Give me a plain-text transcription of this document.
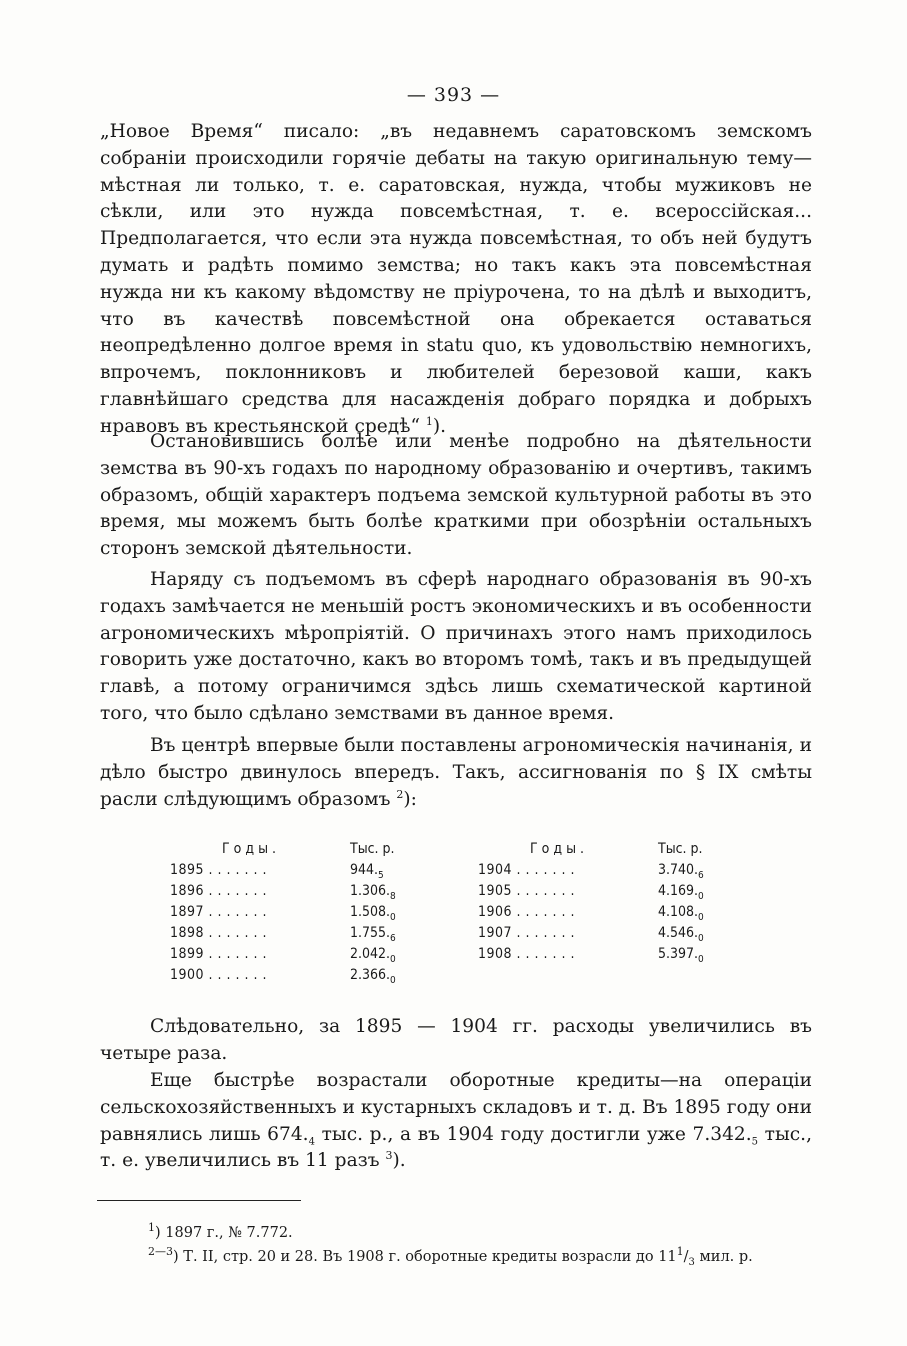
— 393 —

„Новое Время“ писало: „въ недавнемъ саратовскомъ земскомъ собраніи происходили горячіе дебаты на такую оригинальную тему—мѣстная ли только, т. е. саратовская, нужда, чтобы мужиковъ не сѣкли, или это нужда повсемѣстная, т. е. всероссійская... Предполагается, что если эта нужда повсемѣстная, то объ ней будутъ думать и радѣть помимо земства; но такъ какъ эта повсемѣстная нужда ни къ какому вѣдомству не пріурочена, то на дѣлѣ и выходитъ, что въ качествѣ повсемѣстной она обрекается оставаться неопредѣленно долгое время in statu quo, къ удовольствію немногихъ, впрочемъ, поклонниковъ и любителей березовой каши, какъ главнѣйшаго средства для насажденія добраго порядка и добрыхъ нравовъ въ крестьянской средѣ“ $^1$).

Остановившись болѣе или менѣе подробно на дѣятельности земства въ 90-хъ годахъ по народному образованію и очертивъ, такимъ образомъ, общій характеръ подъема земской культурной работы въ это время, мы можемъ быть болѣе краткими при обозрѣніи остальныхъ сторонъ земской дѣятельности.

Наряду съ подъемомъ въ сферѣ народнаго образованія въ 90-хъ годахъ замѣчается не меньшій ростъ экономическихъ и въ особенности агрономическихъ мѣропріятій. О причинахъ этого намъ приходилось говорить уже достаточно, какъ во второмъ томѣ, такъ и въ предыдущей главѣ, а потому ограничимся здѣсь лишь схематической картиной того, что было сдѣлано земствами въ данное время.

Въ центрѣ впервые были поставлены агрономическія начинанія, и дѣло быстро двинулось впередъ. Такъ, ассигнованія по § IX смѣты расли слѣдующимъ образомъ $^2$):

Годы.	Тыс. р.
1895 . . . . . . .	$944._5$
1896 . . . . . . .	$1.306._8$
1897 . . . . . . .	$1.508._0$
1898 . . . . . . .	$1.755._6$
1899 . . . . . . .	$2.042._0$
1900 . . . . . . .	$2.366._0$
Годы.	Тыс. р.
1904 . . . . . . .	$3.740._6$
1905 . . . . . . .	$4.169._0$
1906 . . . . . . .	$4.108._0$
1907 . . . . . . .	$4.546._0$
1908 . . . . . . .	$5.397._0$

Слѣдовательно, за 1895 — 1904 гг. расходы увеличились въ четыре раза.

Еще быстрѣе возрастали оборотные кредиты—на операціи сельскохозяйственныхъ и кустарныхъ складовъ и т. д. Въ 1895 году они равнялись лишь $674._4$ тыс. р., а въ 1904 году достигли уже $7.342._5$ тыс., т. е. увеличились въ 11 разъ $^3$).

$^1$) 1897 г., № 7.772.
$^{2—3}$) Т. II, стр. 20 и 28. Въ 1908 г. оборотные кредиты возрасли до $11^1/_3$ мил. р.
